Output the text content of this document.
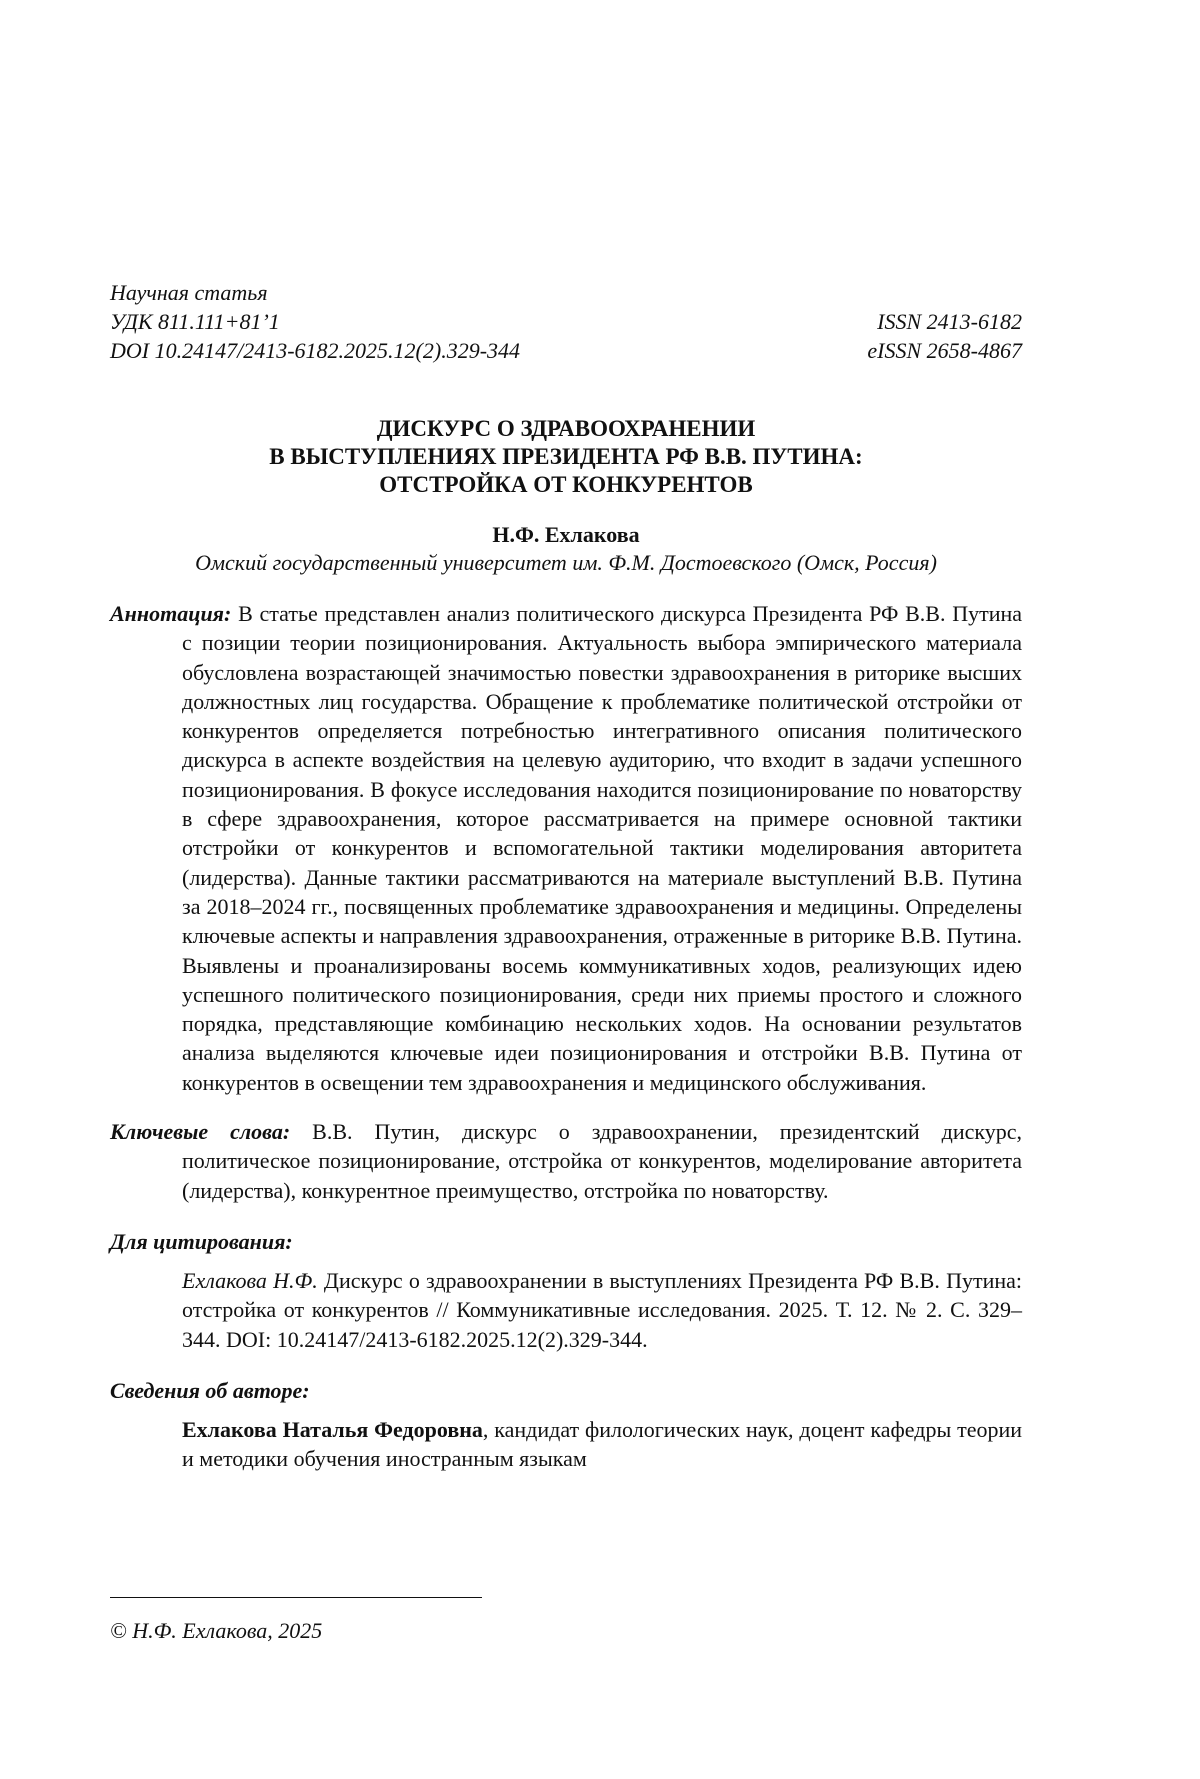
Научная статья
УДК 811.111+81’1	ISSN 2413-6182
DOI 10.24147/2413-6182.2025.12(2).329-344	eISSN 2658-4867
ДИСКУРС О ЗДРАВООХРАНЕНИИ
В ВЫСТУПЛЕНИЯХ ПРЕЗИДЕНТА РФ В.В. ПУТИНА:
ОТСТРОЙКА ОТ КОНКУРЕНТОВ
Н.Ф. Ехлакова
Омский государственный университет им. Ф.М. Достоевского (Омск, Россия)
Аннотация: В статье представлен анализ политического дискурса Президента РФ В.В. Путина с позиции теории позиционирования. Актуальность выбора эмпирического материала обусловлена возрастающей значимостью повестки здравоохранения в риторике высших должностных лиц государства. Обращение к проблематике политической отстройки от конкурентов определяется потребностью интегративного описания политического дискурса в аспекте воздействия на целевую аудиторию, что входит в задачи успешного позиционирования. В фокусе исследования находится позиционирование по новаторству в сфере здравоохранения, которое рассматривается на примере основной тактики отстройки от конкурентов и вспомогательной тактики моделирования авторитета (лидерства). Данные тактики рассматриваются на материале выступлений В.В. Путина за 2018–2024 гг., посвященных проблематике здравоохранения и медицины. Определены ключевые аспекты и направления здравоохранения, отраженные в риторике В.В. Путина. Выявлены и проанализированы восемь коммуникативных ходов, реализующих идею успешного политического позиционирования, среди них приемы простого и сложного порядка, представляющие комбинацию нескольких ходов. На основании результатов анализа выделяются ключевые идеи позиционирования и отстройки В.В. Путина от конкурентов в освещении тем здравоохранения и медицинского обслуживания.
Ключевые слова: В.В. Путин, дискурс о здравоохранении, президентский дискурс, политическое позиционирование, отстройка от конкурентов, моделирование авторитета (лидерства), конкурентное преимущество, отстройка по новаторству.
Для цитирования:
Ехлакова Н.Ф. Дискурс о здравоохранении в выступлениях Президента РФ В.В. Путина: отстройка от конкурентов // Коммуникативные исследования. 2025. Т. 12. № 2. С. 329–344. DOI: 10.24147/2413-6182.2025.12(2).329-344.
Сведения об авторе:
Ехлакова Наталья Федоровна, кандидат филологических наук, доцент кафедры теории и методики обучения иностранным языкам
© Н.Ф. Ехлакова, 2025
